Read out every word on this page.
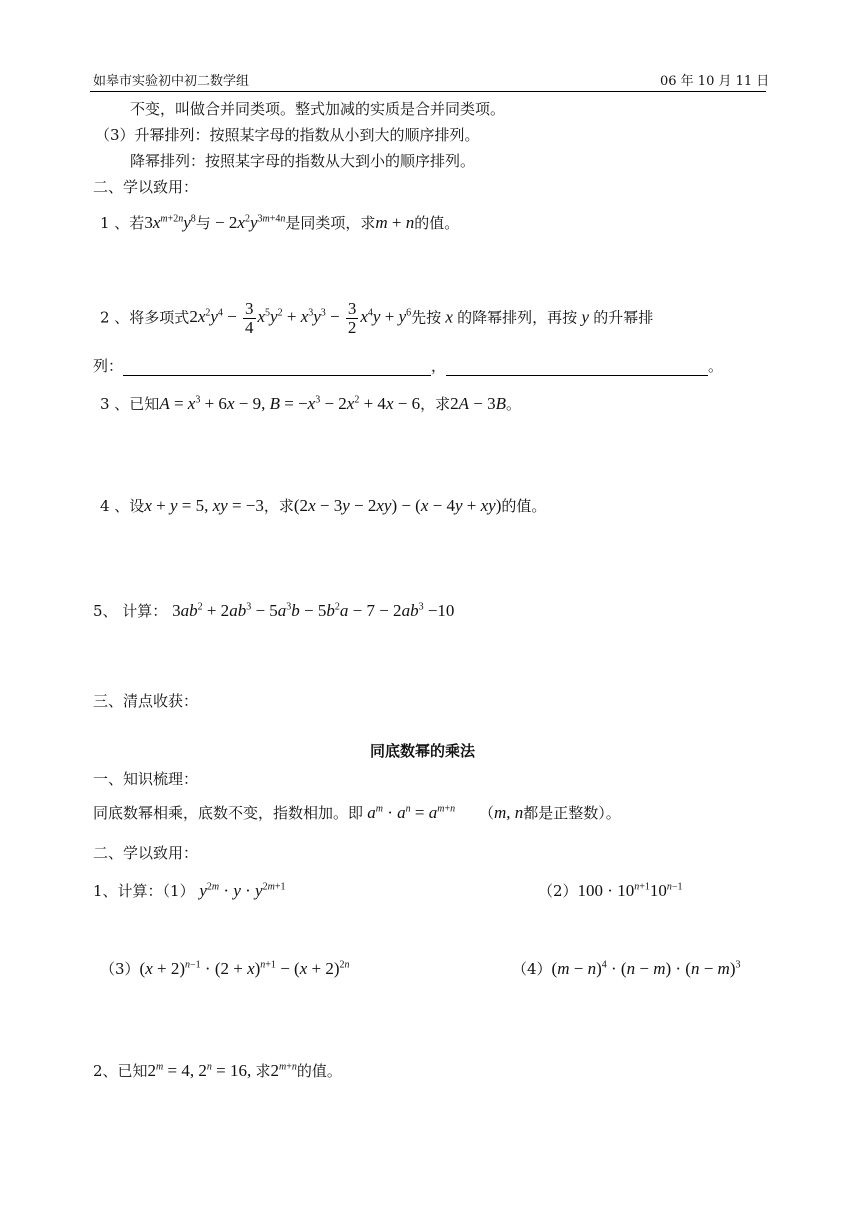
如皋市实验初中初二数学组	06 年 10 月 11 日
不变，叫做合并同类项。整式加减的实质是合并同类项。
（3）升幂排列：按照某字母的指数从小到大的顺序排列。
降幂排列：按照某字母的指数从大到小的顺序排列。
二、学以致用：
1 、若$3x^{m+2n}y^8$与 − $2x^2y^{3m+4n}$是同类项，求m + n的值。
2 、将多项式$2x^2y^4 - \frac{3}{4} x^5y^2 + x^3y^3 - \frac{3}{2} x^4y + y^6$先按 x 的降幂排列，再按 y 的升幂排
列：	，	。
3 、已知$A = x^3 + 6x - 9$, $B = -x^3 - 2x^2 + 4x - 6$，求2A − 3B。
4 、设x + y = 5, xy = −3，求(2x − 3y − 2xy) − (x − 4y + xy)的值。
5、 计算： $3ab^2 + 2ab^3 - 5a^3b - 5b^2a - 7 - 2ab^3 -10$
三、清点收获：
同底数幂的乘法
一、知识梳理：
同底数幂相乘，底数不变，指数相加。即 $a^m \cdot a^n = a^{m+n}$ （m, n都是正整数）。
二、学以致用：
1、计算：（1） $y^{2m} \cdot y \cdot y^{2m+1}$	$(2)100 \cdot 10^{n+1}10^{n-1}$
$(3)(x + 2)^{n-1} \cdot (2 + x)^{n+1} - (x + 2)^{2n}$	$(4)(m - n)^4 \cdot (n - m) \cdot (n - m)^3$
2、已知$2^m = 4$, $2^n = 16$, 求$2^{m+n}$的值。
